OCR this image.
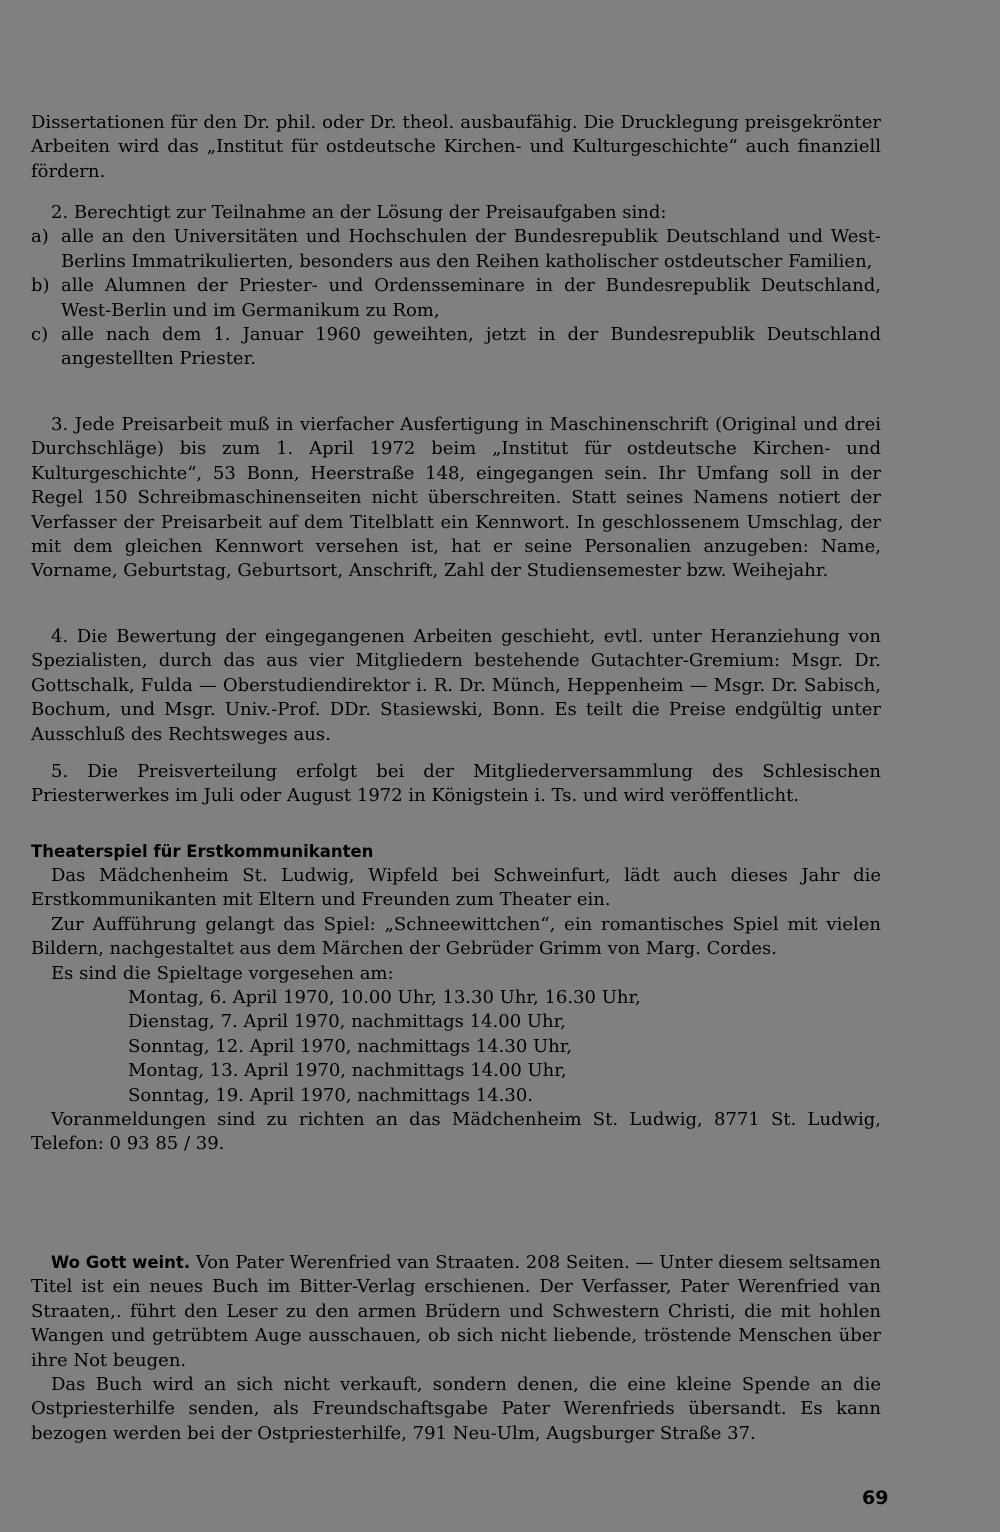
Dissertationen für den Dr. phil. oder Dr. theol. ausbaufähig. Die Drucklegung preisgekrönter Arbeiten wird das „Institut für ostdeutsche Kirchen- und Kulturgeschichte“ auch finanziell fördern.

2. Berechtigt zur Teilnahme an der Lösung der Preisaufgaben sind:

a) alle an den Universitäten und Hochschulen der Bundesrepublik Deutschland und West-Berlins Immatrikulierten, besonders aus den Reihen katholischer ostdeutscher Familien,
b) alle Alumnen der Priester- und Ordensseminare in der Bundesrepublik Deutschland, West-Berlin und im Germanikum zu Rom,
c) alle nach dem 1. Januar 1960 geweihten, jetzt in der Bundesrepublik Deutschland angestellten Priester.

3. Jede Preisarbeit muß in vierfacher Ausfertigung in Maschinenschrift (Original und drei Durchschläge) bis zum 1. April 1972 beim „Institut für ostdeutsche Kirchen- und Kulturgeschichte“, 53 Bonn, Heerstraße 148, eingegangen sein. Ihr Umfang soll in der Regel 150 Schreibmaschinenseiten nicht überschreiten. Statt seines Namens notiert der Verfasser der Preisarbeit auf dem Titelblatt ein Kennwort. In geschlossenem Umschlag, der mit dem gleichen Kennwort versehen ist, hat er seine Personalien anzugeben: Name, Vorname, Geburtstag, Geburtsort, Anschrift, Zahl der Studiensemester bzw. Weihejahr.

4. Die Bewertung der eingegangenen Arbeiten geschieht, evtl. unter Heranziehung von Spezialisten, durch das aus vier Mitgliedern bestehende Gutachter-Gremium: Msgr. Dr. Gottschalk, Fulda — Oberstudiendirektor i. R. Dr. Münch, Heppenheim — Msgr. Dr. Sabisch, Bochum, und Msgr. Univ.-Prof. DDr. Stasiewski, Bonn. Es teilt die Preise endgültig unter Ausschluß des Rechtsweges aus.

5. Die Preisverteilung erfolgt bei der Mitgliederversammlung des Schlesischen Priesterwerkes im Juli oder August 1972 in Königstein i. Ts. und wird veröffentlicht.

Theaterspiel für Erstkommunikanten

Das Mädchenheim St. Ludwig, Wipfeld bei Schweinfurt, lädt auch dieses Jahr die Erstkommunikanten mit Eltern und Freunden zum Theater ein.

Zur Aufführung gelangt das Spiel: „Schneewittchen“, ein romantisches Spiel mit vielen Bildern, nachgestaltet aus dem Märchen der Gebrüder Grimm von Marg. Cordes.

Es sind die Spieltage vorgesehen am:

Montag, 6. April 1970, 10.00 Uhr, 13.30 Uhr, 16.30 Uhr,
Dienstag, 7. April 1970, nachmittags 14.00 Uhr,
Sonntag, 12. April 1970, nachmittags 14.30 Uhr,
Montag, 13. April 1970, nachmittags 14.00 Uhr,
Sonntag, 19. April 1970, nachmittags 14.30.

Voranmeldungen sind zu richten an das Mädchenheim St. Ludwig, 8771 St. Ludwig, Telefon: 0 93 85 / 39.

Wo Gott weint. Von Pater Werenfried van Straaten. 208 Seiten. — Unter diesem seltsamen Titel ist ein neues Buch im Bitter-Verlag erschienen. Der Verfasser, Pater Werenfried van Straaten,. führt den Leser zu den armen Brüdern und Schwestern Christi, die mit hohlen Wangen und getrübtem Auge ausschauen, ob sich nicht liebende, tröstende Menschen über ihre Not beugen.

Das Buch wird an sich nicht verkauft, sondern denen, die eine kleine Spende an die Ostpriesterhilfe senden, als Freundschaftsgabe Pater Werenfrieds übersandt. Es kann bezogen werden bei der Ostpriesterhilfe, 791 Neu-Ulm, Augsburger Straße 37.

69
